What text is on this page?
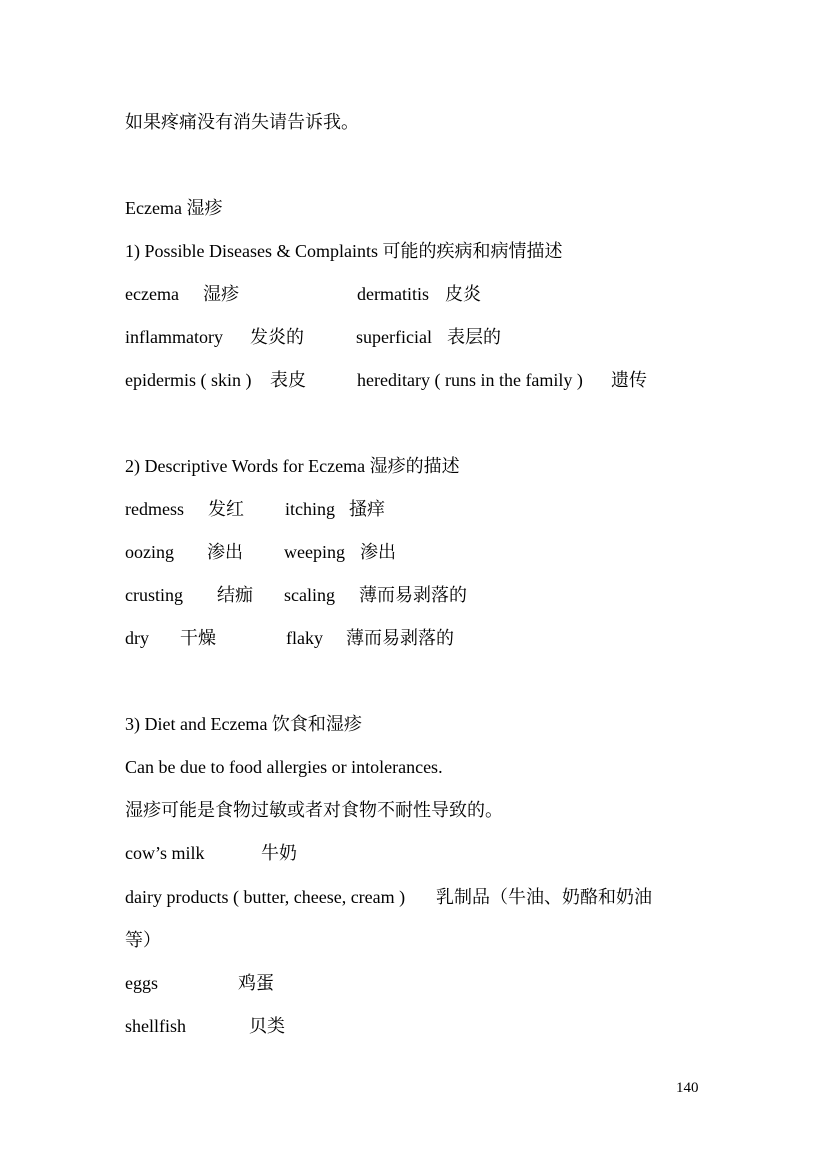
如果疼痛没有消失请告诉我。
Eczema 湿疹
1) Possible Diseases & Complaints 可能的疾病和病情描述
eczema 湿疹	dermatitis 皮炎
inflammatory 发炎的	superficial 表层的
epidermis ( skin ) 表皮	hereditary ( runs in the family ) 遗传
2) Descriptive Words for Eczema 湿疹的描述
redmess 发红 itching 搔痒
oozing 渗出 weeping 渗出
crusting 结痂 scaling 薄而易剥落的
dry 干燥	flaky 薄而易剥落的
3) Diet and Eczema 饮食和湿疹
Can be due to food allergies or intolerances.
湿疹可能是食物过敏或者对食物不耐性导致的。
cow’s milk	牛奶
dairy products ( butter, cheese, cream ) 乳制品（牛油、奶酪和奶油
等）
eggs	鸡蛋
shellfish	贝类
140
